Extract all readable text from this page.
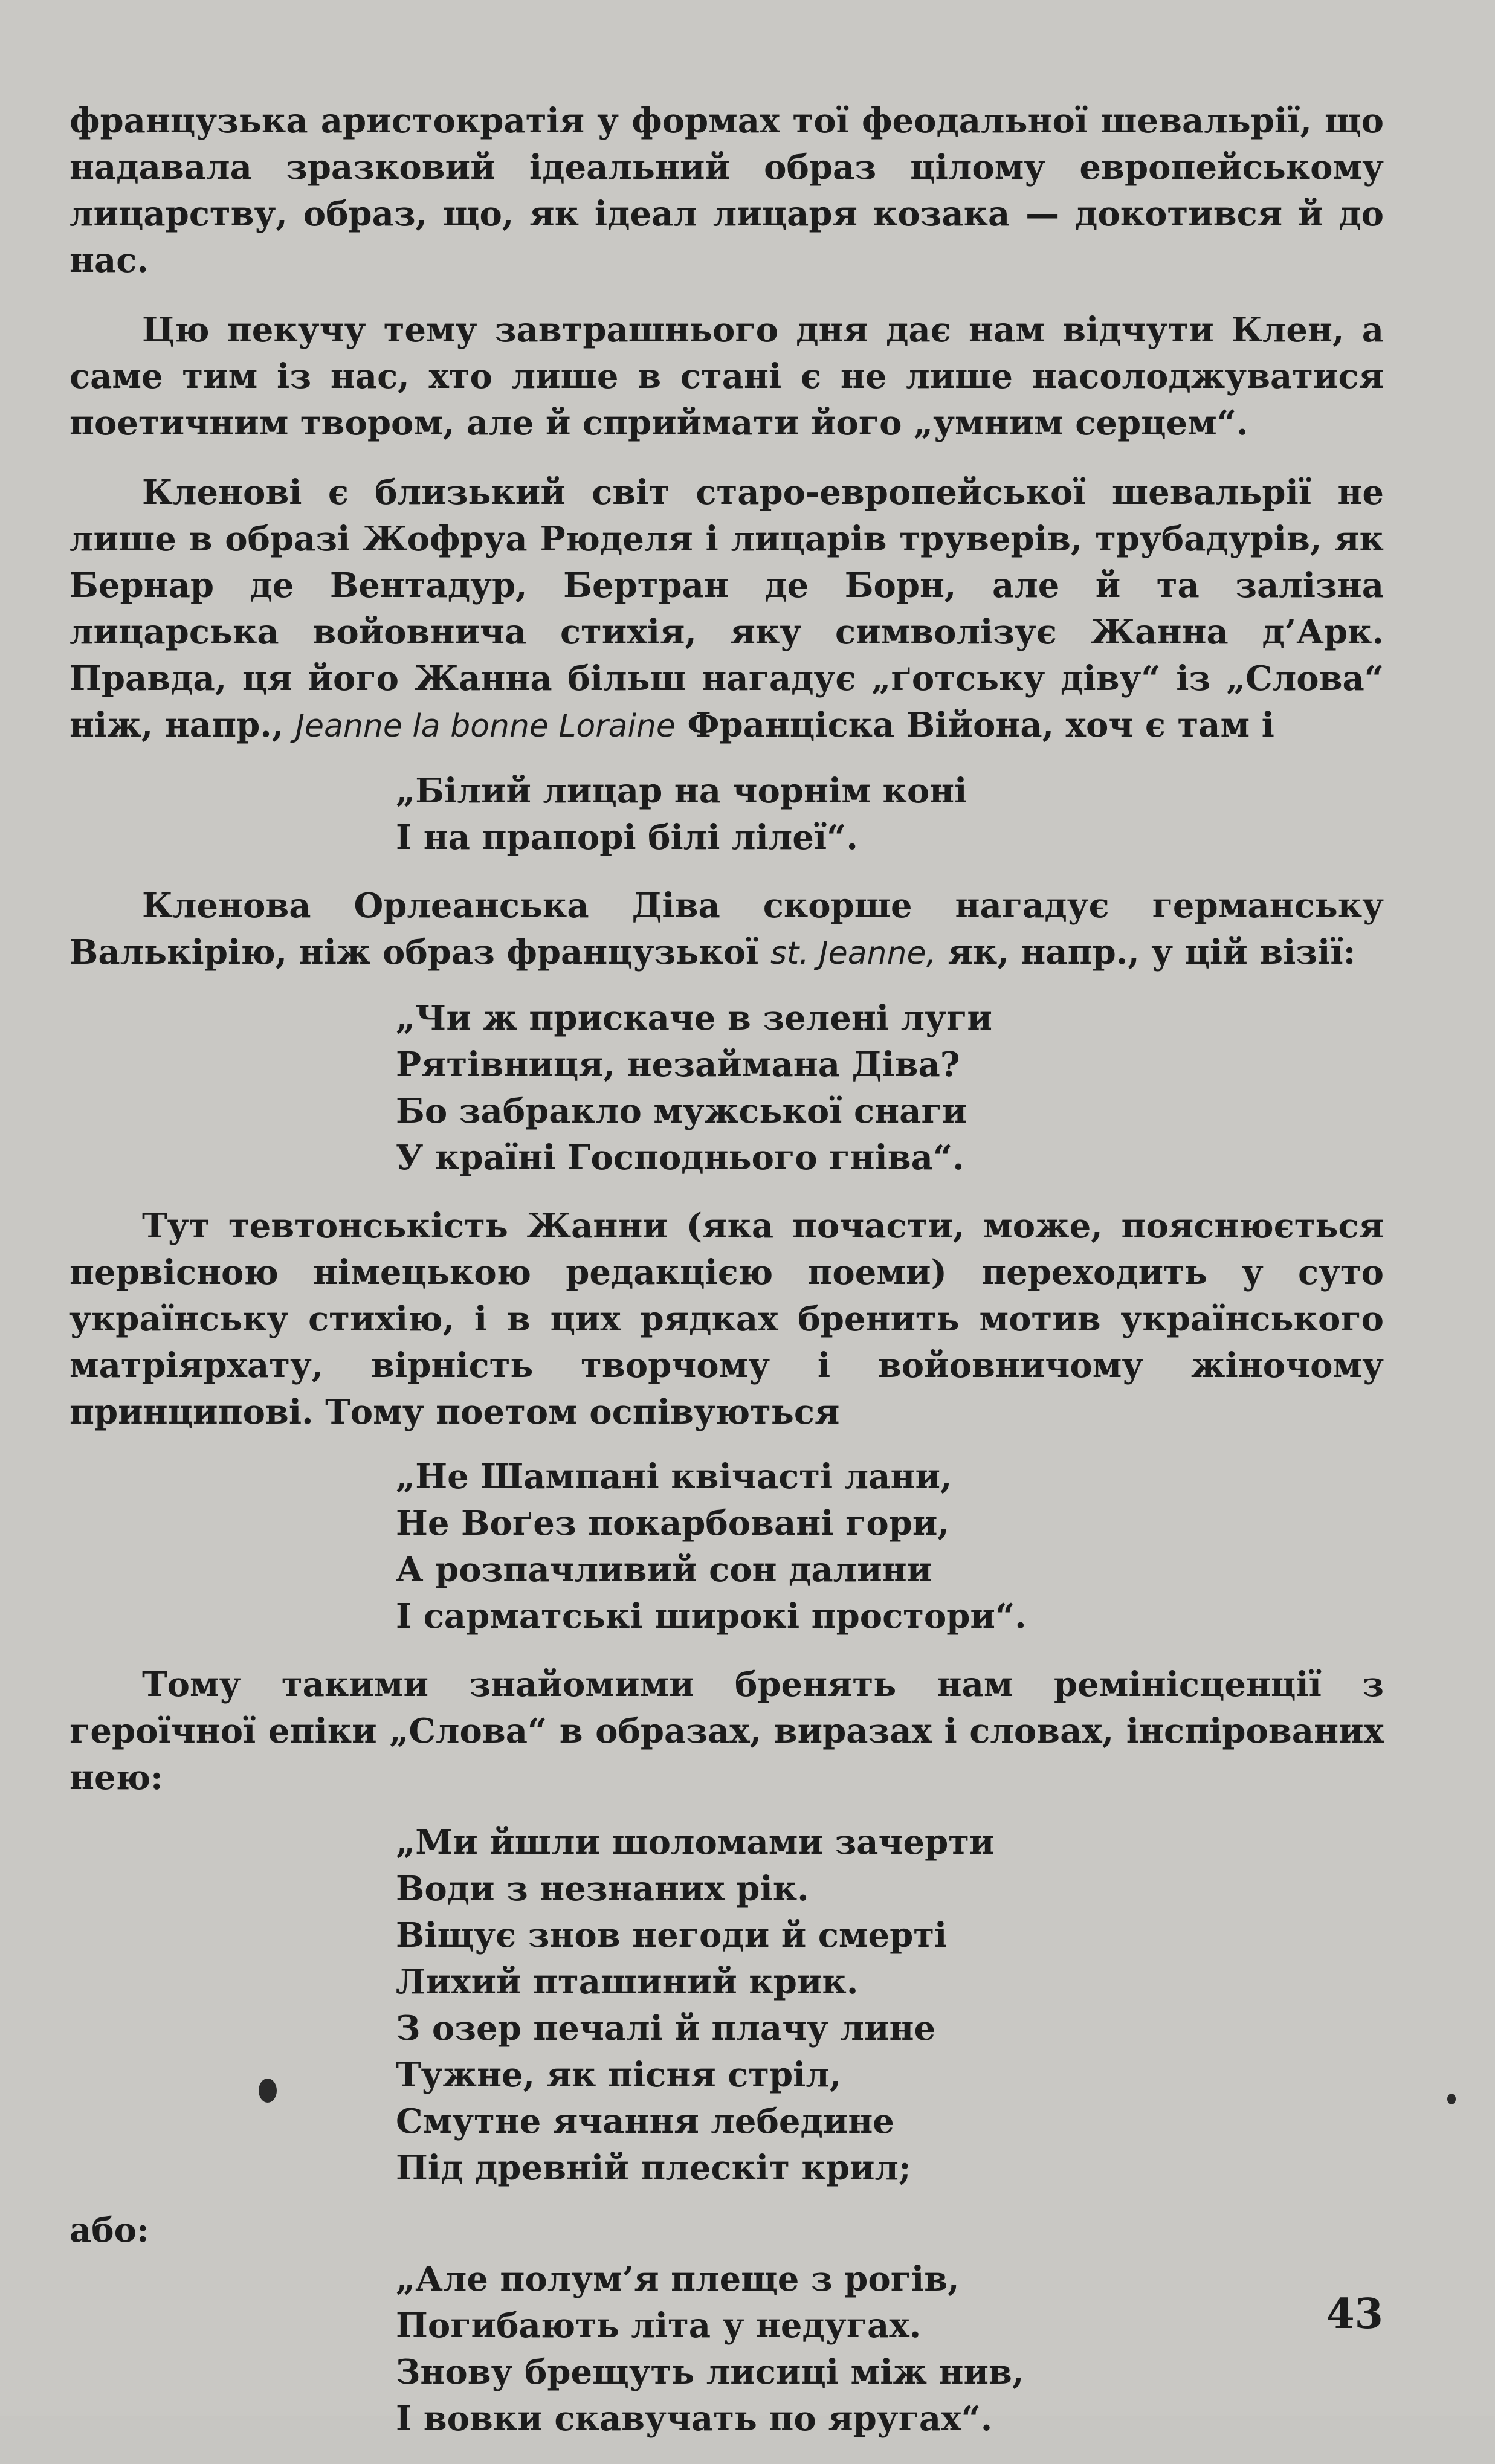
французька аристократія у формах тої феодальної шевальрії, що надавала зразковий ідеальний образ цілому европейському лицарству, образ, що, як ідеал лицаря козака — докотився й до нас.

Цю пекучу тему завтрашнього дня дає нам відчути Клен, а саме тим із нас, хто лише в стані є не лише насолоджуватися поетичним твором, але й сприймати його „умним серцем“.

Кленові є близький світ старо-европейської шевальрії не лише в образі Жофруа Рюделя і лицарів труверів, трубадурів, як Бернар де Вентадур, Бертран де Борн, але й та залізна лицарська войовнича стихія, яку символізує Жанна д’Арк. Правда, ця його Жанна більш нагадує „ґотську діву“ із „Слова“ ніж, напр., Jeanne la bonne Loraine Франціска Війона, хоч є там і

„Білий лицар на чорнім коні
І на прапорі білі лілеї“.

Кленова Орлеанська Діва скорше нагадує германську Валькірію, ніж образ французької st. Jeanne, як, напр., у цій візії:

„Чи ж прискаче в зелені луги
Рятівниця, незаймана Діва?
Бо забракло мужської снаги
У країні Господнього гніва“.

Тут тевтонськість Жанни (яка почасти, може, пояснюється первісною німецькою редакцією поеми) переходить у суто українську стихію, і в цих рядках бренить мотив українського матріярхату, вірність творчому і войовничому жіночому принципові. Тому поетом оспівуються

„Не Шампані квічасті лани,
Не Воґез покарбовані гори,
А розпачливий сон далини
І сарматські широкі простори“.

Тому такими знайомими бренять нам ремінісценції з героїчної епіки „Слова“ в образах, виразах і словах, інспірованих нею:

„Ми йшли шоломами зачерти
Води з незнаних рік.
Віщує знов негоди й смерті
Лихий пташиний крик.
З озер печалі й плачу лине
Тужне, як пісня стріл,
Смутне ячання лебедине
Під древній плескіт крил;
або:
„Але полум’я плеще з рогів,
Погибають літа у недугах.
Знову брещуть лисиці між нив,
І вовки скавучать по яругах“.
43
